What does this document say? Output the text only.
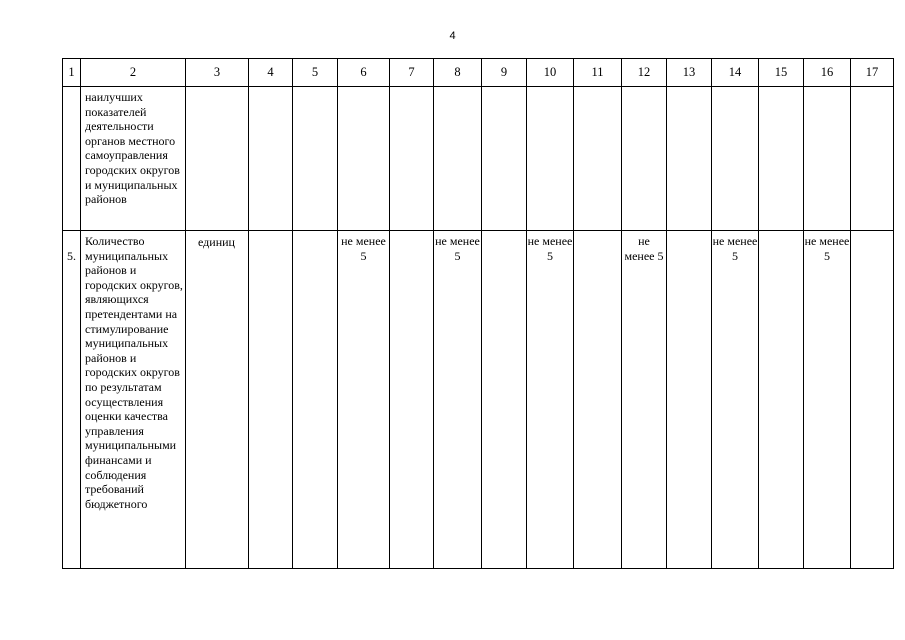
4
1	2	3	4	5	6	7	8	9	10	11	12	13	14	15	16	17
	наилучших показателей деятельности органов местного самоуправления городских округов и муниципальных районов															
5.	Количество муниципальных районов и городских округов, являющихся претендентами на стимулирование муниципальных районов и городских округов по результатам осуществления оценки качества управления муниципальными финансами и соблюдения требований бюджетного	единиц			не менее 5		не менее 5		не менее 5		не менее 5		не менее 5		не менее 5	
